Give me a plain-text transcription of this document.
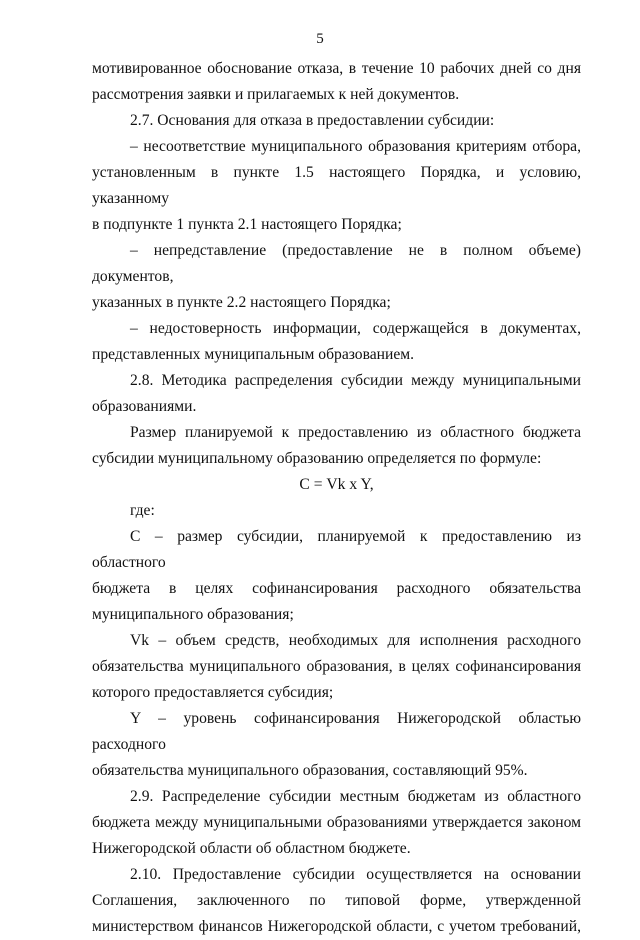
5
мотивированное обоснование отказа, в течение 10 рабочих дней со дня
рассмотрения заявки и прилагаемых к ней документов.
2.7. Основания для отказа в предоставлении субсидии:
– несоответствие муниципального образования критериям отбора,
установленным в пункте 1.5 настоящего Порядка, и условию, указанному
в подпункте 1 пункта 2.1 настоящего Порядка;
– непредставление (предоставление не в полном объеме) документов,
указанных в пункте 2.2 настоящего Порядка;
– недостоверность информации, содержащейся в документах,
представленных муниципальным образованием.
2.8. Методика распределения субсидии между муниципальными
образованиями.
Размер планируемой к предоставлению из областного бюджета
субсидии муниципальному образованию определяется по формуле:
С = Vk x Y,
где:
С – размер субсидии, планируемой к предоставлению из областного
бюджета в целях софинансирования расходного обязательства
муниципального образования;
Vk – объем средств, необходимых для исполнения расходного
обязательства муниципального образования, в целях софинансирования
которого предоставляется субсидия;
Y – уровень софинансирования Нижегородской областью расходного
обязательства муниципального образования, составляющий 95%.
2.9. Распределение субсидии местным бюджетам из областного
бюджета между муниципальными образованиями утверждается законом
Нижегородской области об областном бюджете.
2.10. Предоставление субсидии осуществляется на основании
Соглашения, заключенного по типовой форме, утвержденной
министерством финансов Нижегородской области, с учетом требований,
